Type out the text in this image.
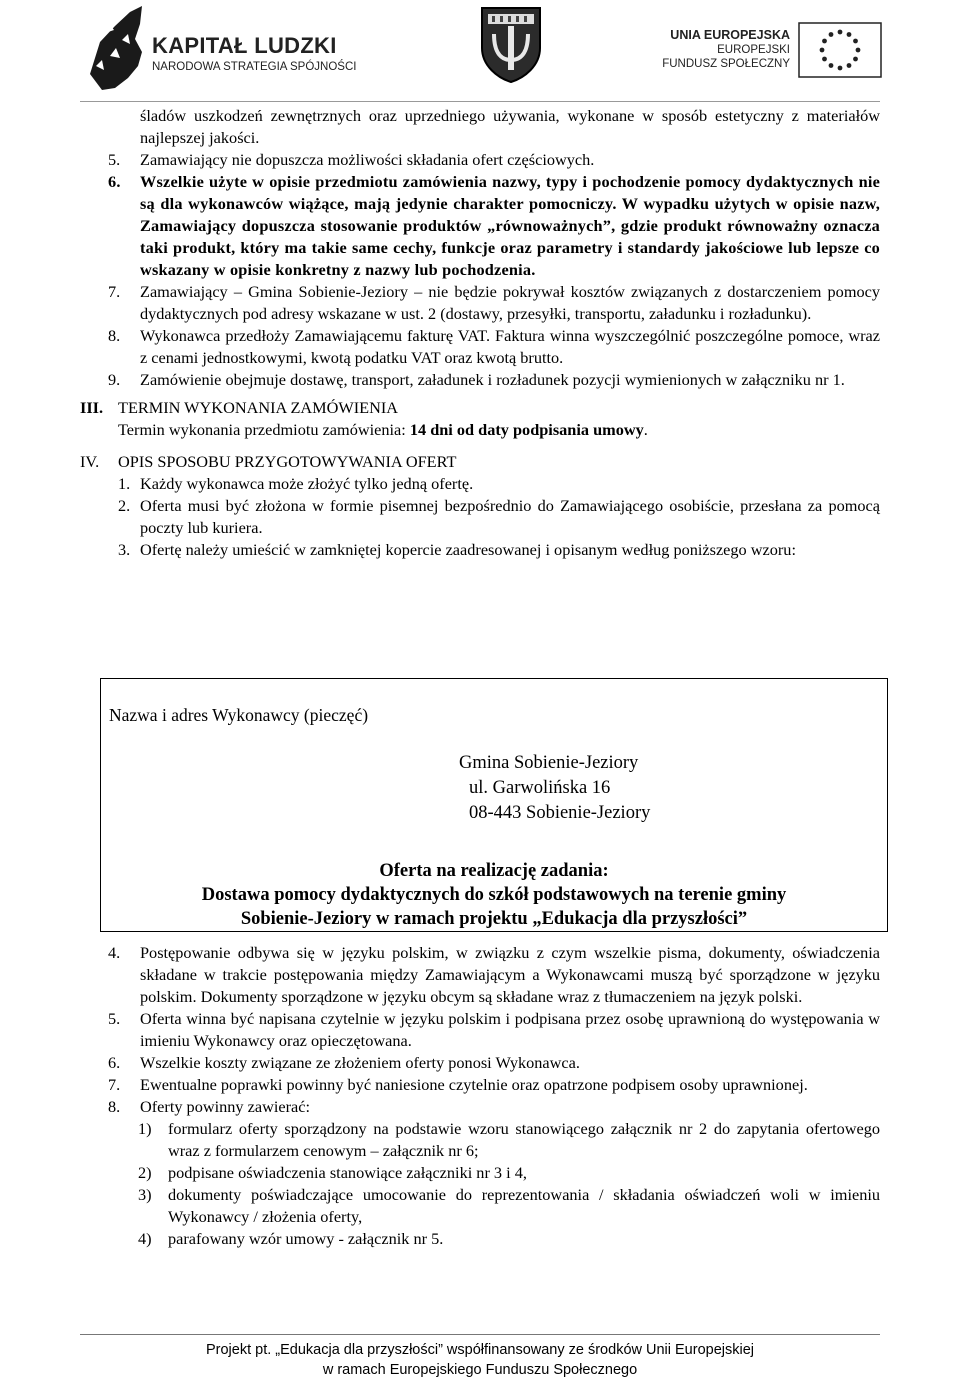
KAPITAŁ LUDZKI
NARODOWA STRATEGIA SPÓJNOŚCI
UNIA EUROPEJSKA
EUROPEJSKI
FUNDUSZ SPOŁECZNY
śladów uszkodzeń zewnętrznych oraz uprzedniego używania, wykonane w sposób estetyczny z materiałów najlepszej jakości.
5. Zamawiający nie dopuszcza możliwości składania ofert częściowych.
6. Wszelkie użyte w opisie przedmiotu zamówienia nazwy, typy i pochodzenie pomocy dydaktycznych nie są dla wykonawców wiążące, mają jedynie charakter pomocniczy. W wypadku użytych w opisie nazw, Zamawiający dopuszcza stosowanie produktów „równoważnych”, gdzie produkt równoważny oznacza taki produkt, który ma takie same cechy, funkcje oraz parametry i standardy jakościowe lub lepsze co wskazany w opisie konkretny z nazwy lub pochodzenia.
7. Zamawiający – Gmina Sobienie-Jeziory – nie będzie pokrywał kosztów związanych z dostarczeniem pomocy dydaktycznych pod adresy wskazane w ust. 2 (dostawy, przesyłki, transportu, załadunku i rozładunku).
8. Wykonawca przedłoży Zamawiającemu fakturę VAT. Faktura winna wyszczególnić poszczególne pomoce, wraz z cenami jednostkowymi, kwotą podatku VAT oraz kwotą brutto.
9. Zamówienie obejmuje dostawę, transport, załadunek i rozładunek pozycji wymienionych w załączniku nr 1.
III. TERMIN WYKONANIA ZAMÓWIENIA
Termin wykonania przedmiotu zamówienia: 14 dni od daty podpisania umowy.
IV. OPIS SPOSOBU PRZYGOTOWYWANIA OFERT
1. Każdy wykonawca może złożyć tylko jedną ofertę.
2. Oferta musi być złożona w formie pisemnej bezpośrednio do Zamawiającego osobiście, przesłana za pomocą poczty lub kuriera.
3. Ofertę należy umieścić w zamkniętej kopercie zaadresowanej i opisanym według poniższego wzoru:
Nazwa i adres Wykonawcy (pieczęć)
Gmina Sobienie-Jeziory
ul. Garwolińska 16
08-443 Sobienie-Jeziory
Oferta na realizację zadania:
Dostawa pomocy dydaktycznych do szkół podstawowych na terenie gminy
Sobienie-Jeziory w ramach projektu „Edukacja dla przyszłości”
4. Postępowanie odbywa się w języku polskim, w związku z czym wszelkie pisma, dokumenty, oświadczenia składane w trakcie postępowania między Zamawiającym a Wykonawcami muszą być sporządzone w języku polskim. Dokumenty sporządzone w języku obcym są składane wraz z tłumaczeniem na język polski.
5. Oferta winna być napisana czytelnie w języku polskim i podpisana przez osobę uprawnioną do występowania w imieniu Wykonawcy oraz opieczętowana.
6. Wszelkie koszty związane ze złożeniem oferty ponosi Wykonawca.
7. Ewentualne poprawki powinny być naniesione czytelnie oraz opatrzone podpisem osoby uprawnionej.
8. Oferty powinny zawierać:
1) formularz oferty sporządzony na podstawie wzoru stanowiącego załącznik nr 2 do zapytania ofertowego wraz z formularzem cenowym – załącznik nr 6;
2) podpisane oświadczenia stanowiące załączniki nr 3 i 4,
3) dokumenty poświadczające umocowanie do reprezentowania / składania oświadczeń woli w imieniu Wykonawcy / złożenia oferty,
4) parafowany wzór umowy - załącznik nr 5.
Projekt pt. „Edukacja dla przyszłości” współfinansowany ze środków Unii Europejskiej
w ramach Europejskiego Funduszu Społecznego
